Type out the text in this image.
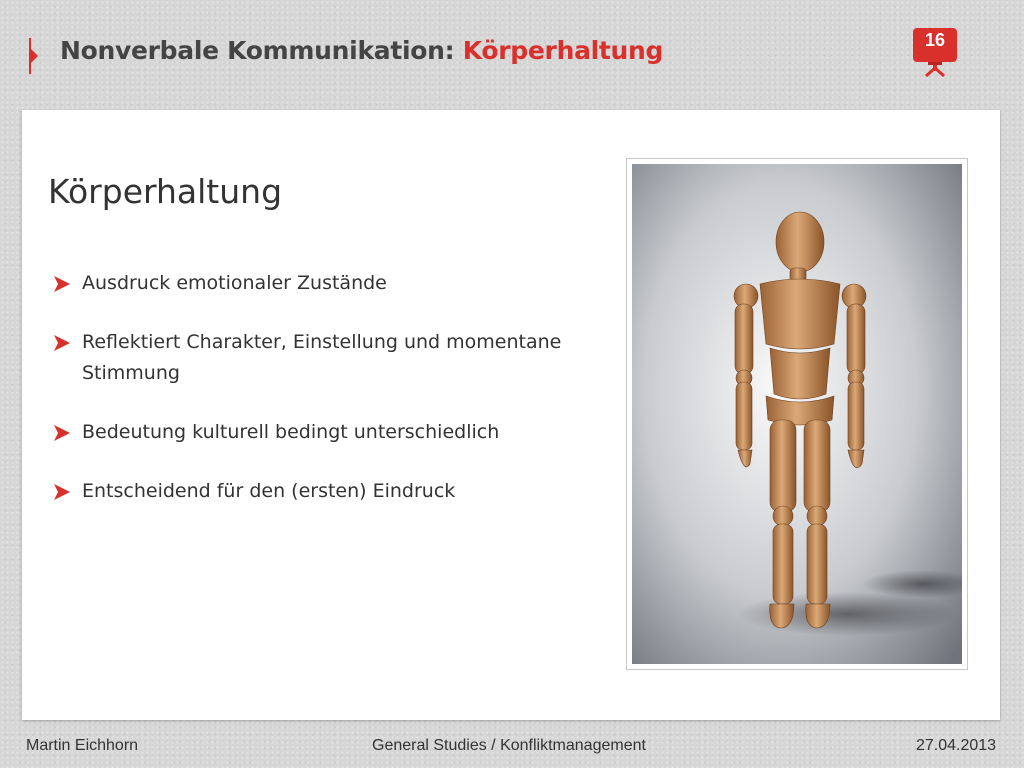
Nonverbale Kommunikation: Körperhaltung	16
Körperhaltung
Ausdruck emotionaler Zustände
Reflektiert Charakter, Einstellung und momentane Stimmung
Bedeutung kulturell bedingt unterschiedlich
Entscheidend für den (ersten) Eindruck
Martin Eichhorn	General Studies / Konfliktmanagement	27.04.2013
